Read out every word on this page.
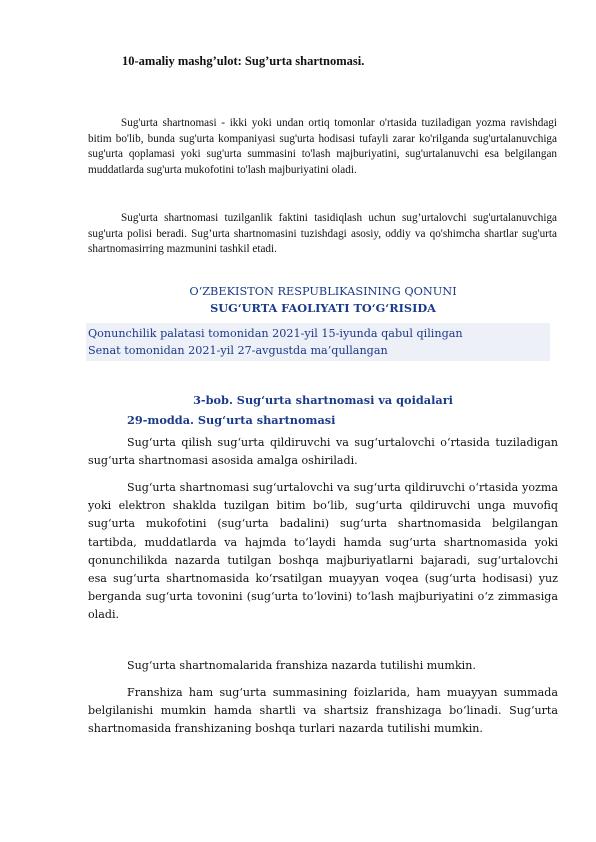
10-amaliy mashg’ulot: Sug’urta shartnomasi.

Sug'urta shartnomasi - ikki yoki undan ortiq tomonlar o'rtasida tuziladigan yozma ravishdagi bitim bo'lib, bunda sug'urta kompaniyasi sug'urta hodisasi tufayli zarar ko'rilganda sug'urtalanuvchiga sug'urta qoplamasi yoki sug'urta summasini to'lash majburiyatini, sug'urtalanuvchi esa belgilangan muddatlarda sug'urta mukofotini to'lash majburiyatini oladi.

Sug'urta shartnomasi tuzilganlik faktini tasidiqlash uchun sug’urtalovchi sug'urtalanuvchiga sug'urta polisi beradi. Sug’urta shartnomasini tuzishdagi asosiy, oddiy va qo'shimcha shartlar sug'urta shartnomasirring mazmunini tashkil etadi.

O‘ZBEKISTON RESPUBLIKASINING QONUNI
SUG‘URTA FAOLIYATI TO‘G‘RISIDA
Qonunchilik palatasi tomonidan 2021-yil 15-iyunda qabul qilingan
Senat tomonidan 2021-yil 27-avgustda ma’qullangan
3-bob. Sug‘urta shartnomasi va qoidalari
29-modda. Sug‘urta shartnomasi

Sug‘urta qilish sug‘urta qildiruvchi va sug‘urtalovchi o‘rtasida tuziladigan sug‘urta shartnomasi asosida amalga oshiriladi.

Sug‘urta shartnomasi sug‘urtalovchi va sug‘urta qildiruvchi o‘rtasida yozma yoki elektron shaklda tuzilgan bitim bo‘lib, sug‘urta qildiruvchi unga muvofiq sug‘urta mukofotini (sug‘urta badalini) sug‘urta shartnomasida belgilangan tartibda, muddatlarda va hajmda to‘laydi hamda sug‘urta shartnomasida yoki qonunchilikda nazarda tutilgan boshqa majburiyatlarni bajaradi, sug‘urtalovchi esa sug‘urta shartnomasida ko‘rsatilgan muayyan voqea (sug‘urta hodisasi) yuz berganda sug‘urta tovonini (sug‘urta to‘lovini) to‘lash majburiyatini o‘z zimmasiga oladi.

Sug‘urta shartnomalarida franshiza nazarda tutilishi mumkin.

Franshiza ham sug‘urta summasining foizlarida, ham muayyan summada belgilanishi mumkin hamda shartli va shartsiz franshizaga bo‘linadi. Sug‘urta shartnomasida franshizaning boshqa turlari nazarda tutilishi mumkin.
